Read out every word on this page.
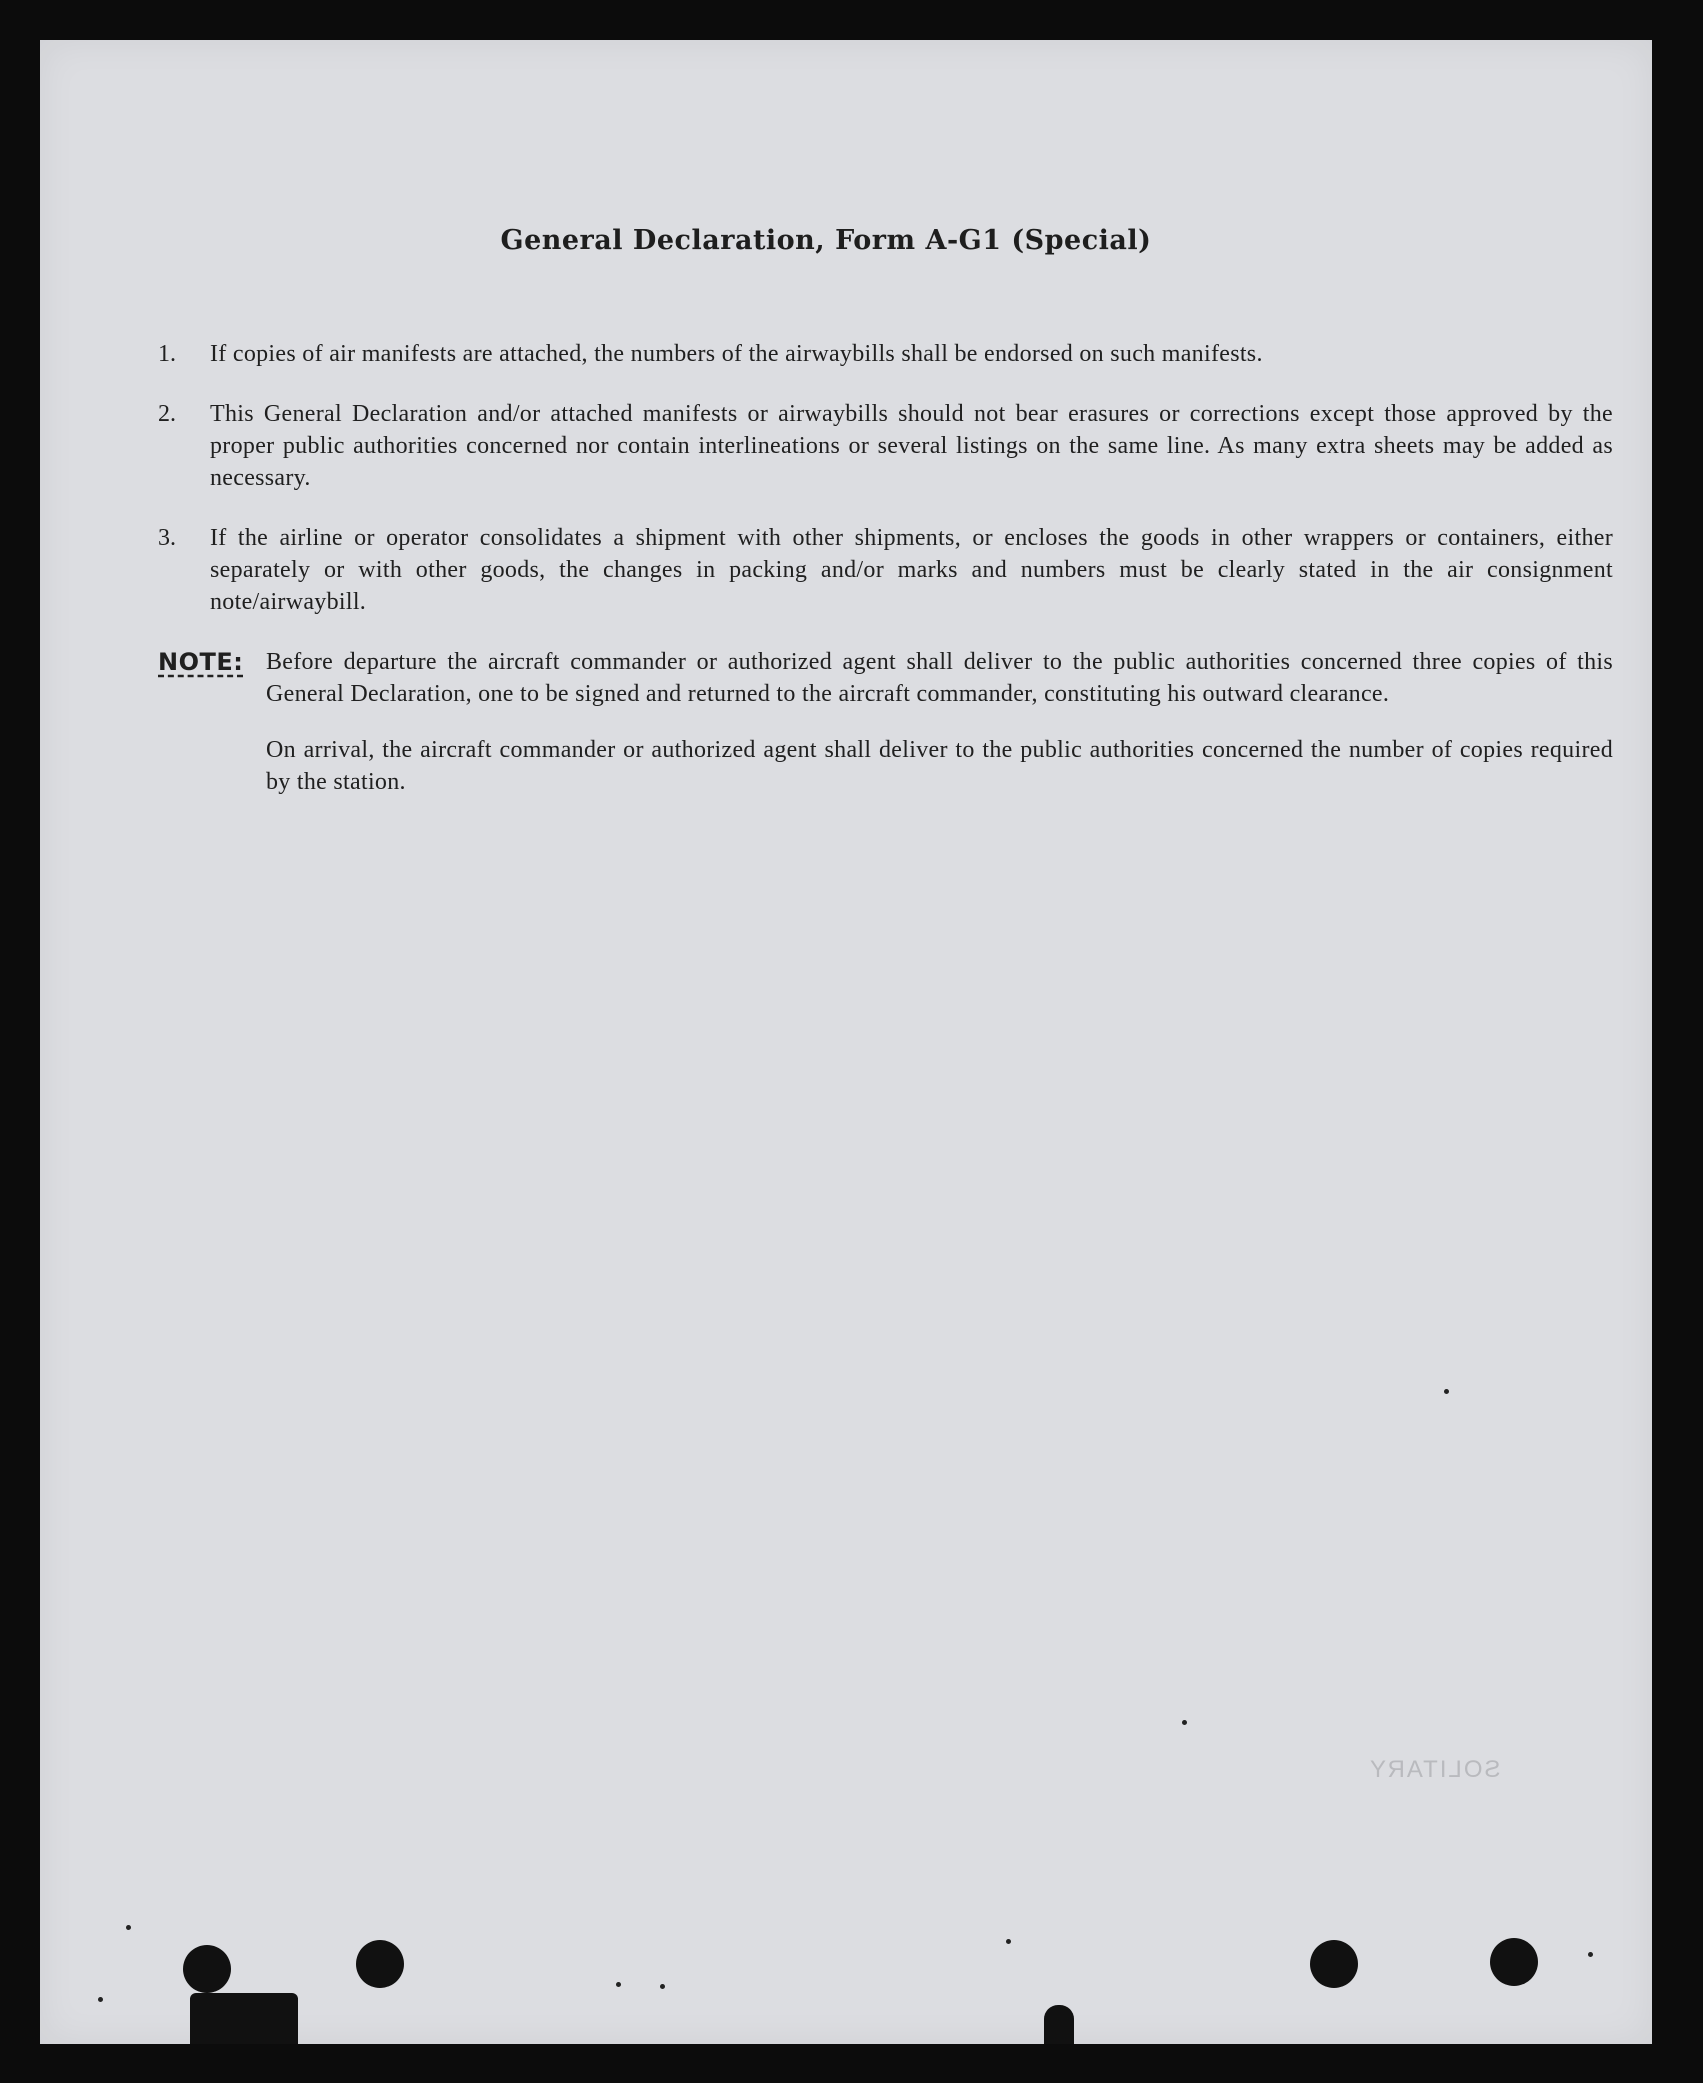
General Declaration, Form A-G1 (Special)
1.	If copies of air manifests are attached, the numbers of the airwaybills shall be endorsed on such manifests.
2.	This General Declaration and/or attached manifests or airwaybills should not bear erasures or corrections except those approved by the proper public authorities concerned nor contain interlineations or several listings on the same line. As many extra sheets may be added as necessary.
3.	If the airline or operator consolidates a shipment with other shipments, or encloses the goods in other wrappers or containers, either separately or with other goods, the changes in packing and/or marks and numbers must be clearly stated in the air consignment note/airwaybill.
NOTE: Before departure the aircraft commander or authorized agent shall deliver to the public authorities concerned three copies of this General Declaration, one to be signed and returned to the aircraft commander, constituting his outward clearance.
On arrival, the aircraft commander or authorized agent shall deliver to the public authorities concerned the number of copies required by the station.
SOLITARY
